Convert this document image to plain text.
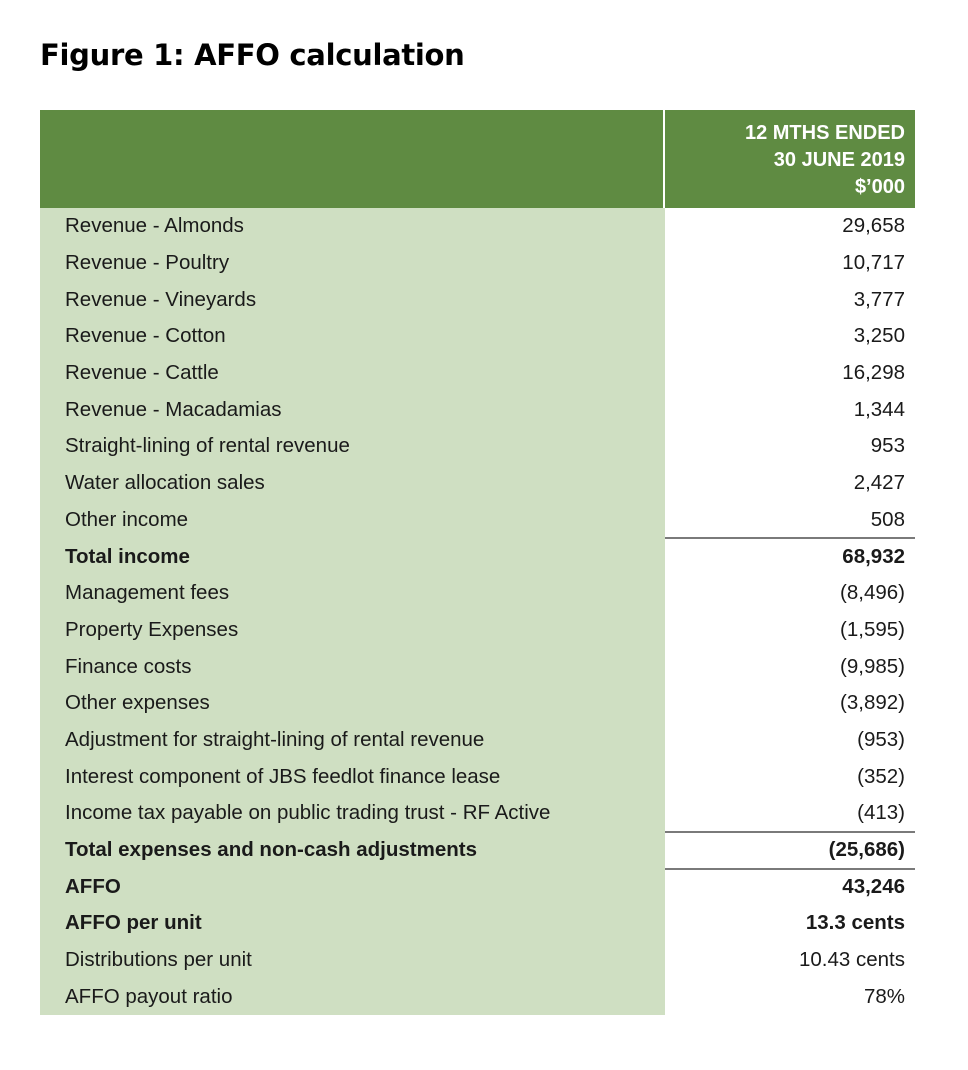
Figure 1: AFFO calculation
12 MTHS ENDED
30 JUNE 2019
$’000
Revenue - Almonds	29,658
Revenue - Poultry	10,717
Revenue - Vineyards	3,777
Revenue - Cotton	3,250
Revenue - Cattle	16,298
Revenue - Macadamias	1,344
Straight-lining of rental revenue	953
Water allocation sales	2,427
Other income	508
Total income	68,932
Management fees	(8,496)
Property Expenses	(1,595)
Finance costs	(9,985)
Other expenses	(3,892)
Adjustment for straight-lining of rental revenue	(953)
Interest component of JBS feedlot finance lease	(352)
Income tax payable on public trading trust - RF Active	(413)
Total expenses and non-cash adjustments	(25,686)
AFFO	43,246
AFFO per unit	13.3 cents
Distributions per unit	10.43 cents
AFFO payout ratio	78%
